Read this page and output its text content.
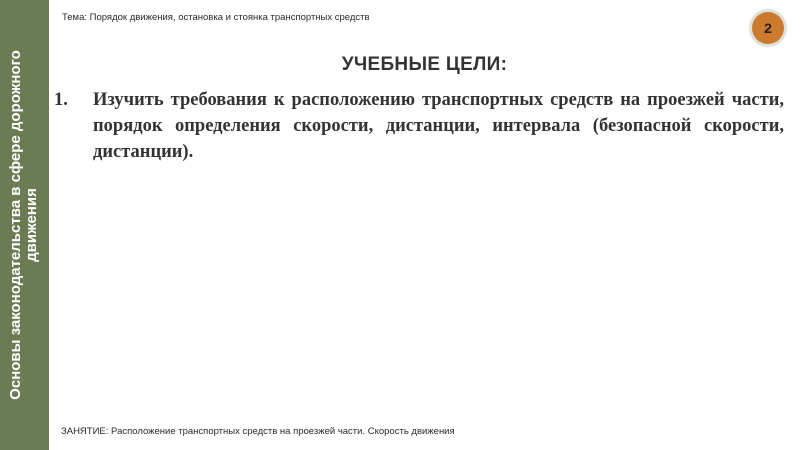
Основы законодательства в сфере дорожного движения
Тема: Порядок движения, остановка и стоянка транспортных средств
2
УЧЕБНЫЕ ЦЕЛИ:
1. Изучить требования к расположению транспортных средств на проезжей части, порядок определения скорости, дистанции, интервала (безопасной скорости, дистанции).
ЗАНЯТИЕ: Расположение транспортных средств на проезжей части. Скорость движения
